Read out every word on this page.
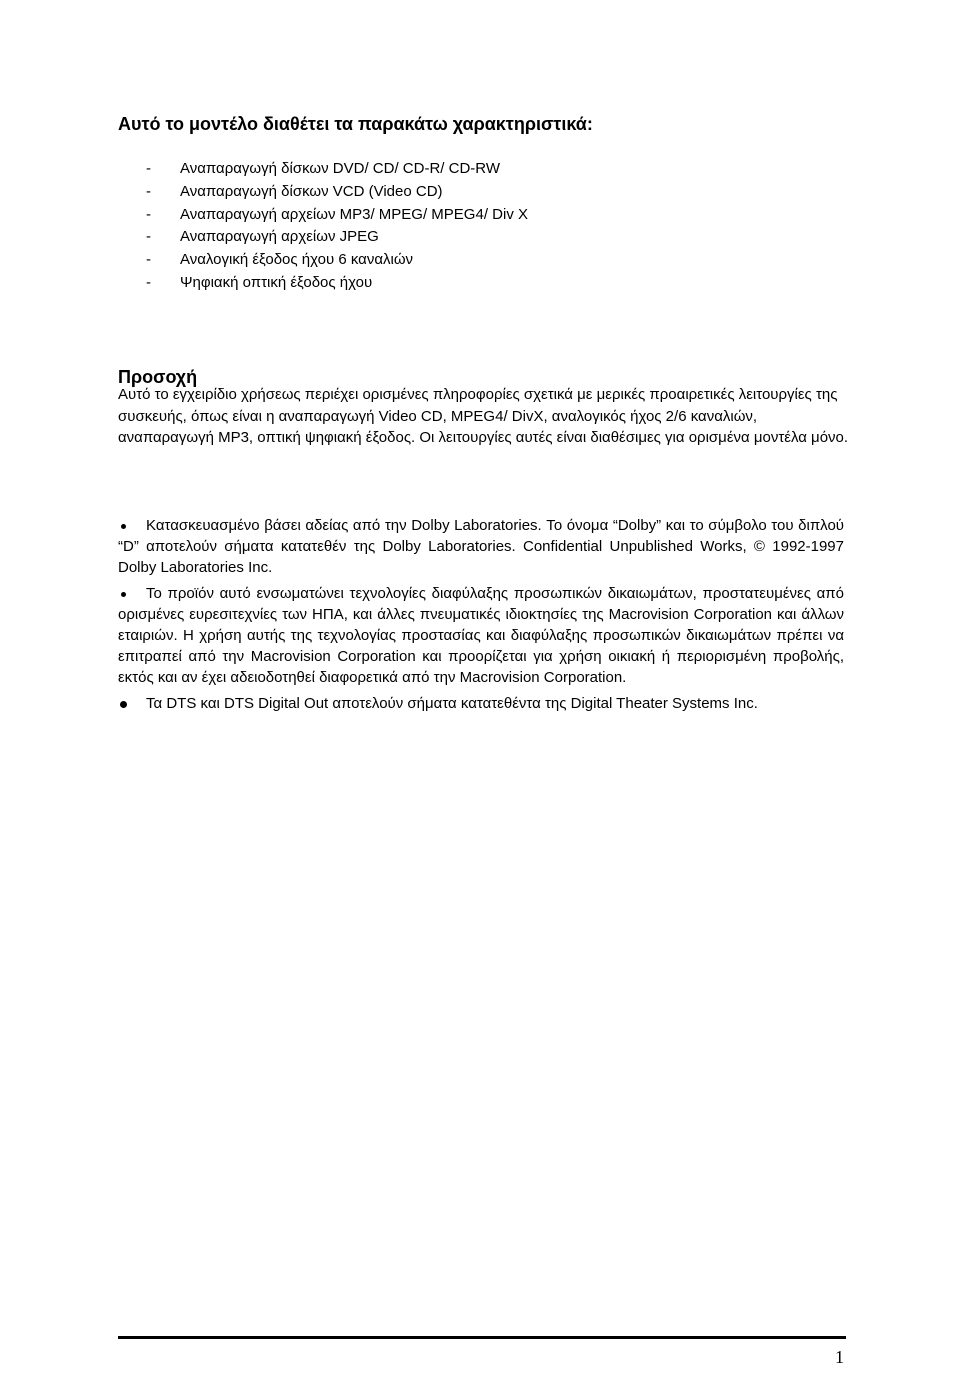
Αυτό το μοντέλο διαθέτει τα παρακάτω χαρακτηριστικά:
-	Αναπαραγωγή δίσκων DVD/ CD/ CD-R/ CD-RW
-	Αναπαραγωγή δίσκων VCD (Video CD)
-	Αναπαραγωγή αρχείων MP3/ MPEG/ MPEG4/ Div X
-	Αναπαραγωγή αρχείων JPEG
-	Αναλογική έξοδος ήχου 6 καναλιών
-	Ψηφιακή οπτική έξοδος ήχου
Προσοχή

Αυτό το εγχειρίδιο χρήσεως περιέχει ορισμένες πληροφορίες σχετικά με μερικές προαιρετικές λειτουργίες της συσκευής, όπως είναι η αναπαραγωγή Video CD, MPEG4/ DivX, αναλογικός ήχος 2/6 καναλιών, αναπαραγωγή MP3, οπτική ψηφιακή έξοδος. Οι λειτουργίες αυτές είναι διαθέσιμες για ορισμένα μοντέλα μόνο.

Κατασκευασμένο βάσει αδείας από την Dolby Laboratories. Το όνομα “Dolby” και το σύμβολο του διπλού “D” αποτελούν σήματα κατατεθέν της Dolby Laboratories. Confidential Unpublished Works, © 1992-1997 Dolby Laboratories Inc.
Το προϊόν αυτό ενσωματώνει τεχνολογίες διαφύλαξης προσωπικών δικαιωμάτων, προστατευμένες από ορισμένες ευρεσιτεχνίες των ΗΠΑ, και άλλες πνευματικές ιδιοκτησίες της Macrovision Corporation και άλλων εταιριών. Η χρήση αυτής της τεχνολογίας προστασίας και διαφύλαξης προσωπικών δικαιωμάτων πρέπει να επιτραπεί από την Macrovision Corporation και προορίζεται για χρήση οικιακή ή περιορισμένη προβολής, εκτός και αν έχει αδειοδοτηθεί διαφορετικά από την Macrovision Corporation.
Τα DTS και DTS Digital Out αποτελούν σήματα κατατεθέντα της Digital Theater Systems Inc.
1
